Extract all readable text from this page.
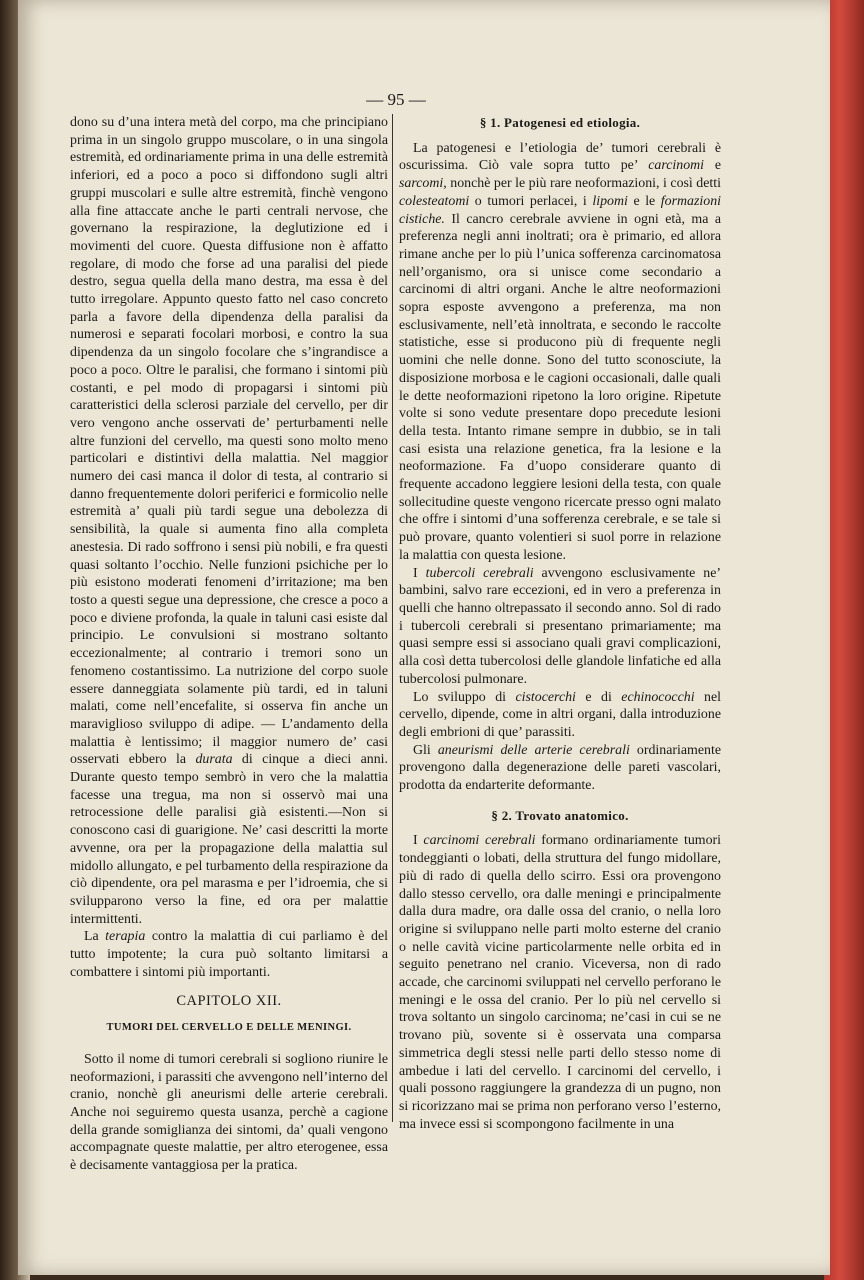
— 95 —

dono su d’una intera metà del corpo, ma che principiano prima in un singolo gruppo muscolare, o in una singola estremità, ed ordinariamente prima in una delle estremità inferiori, ed a poco a poco si diffondono sugli altri gruppi muscolari e sulle altre estremità, finchè vengono alla fine attaccate anche le parti centrali nervose, che governano la respirazione, la deglutizione ed i movimenti del cuore. Questa diffusione non è affatto regolare, di modo che forse ad una paralisi del piede destro, segua quella della mano destra, ma essa è del tutto irregolare. Appunto questo fatto nel caso concreto parla a favore della dipendenza della paralisi da numerosi e separati focolari morbosi, e contro la sua dipendenza da un singolo focolare che s’ingrandisce a poco a poco. Oltre le paralisi, che formano i sintomi più costanti, e pel modo di propagarsi i sintomi più caratteristici della sclerosi parziale del cervello, per dir vero vengono anche osservati de’ perturbamenti nelle altre funzioni del cervello, ma questi sono molto meno particolari e distintivi della malattia. Nel maggior numero dei casi manca il dolor di testa, al contrario si danno frequentemente dolori periferici e formicolio nelle estremità a’ quali più tardi segue una debolezza di sensibilità, la quale si aumenta fino alla completa anestesia. Di rado soffrono i sensi più nobili, e fra questi quasi soltanto l’occhio. Nelle funzioni psichiche per lo più esistono moderati fenomeni d’irritazione; ma ben tosto a questi segue una depressione, che cresce a poco a poco e diviene profonda, la quale in taluni casi esiste dal principio. Le convulsioni si mostrano soltanto eccezionalmente; al contrario i tremori sono un fenomeno costantissimo. La nutrizione del corpo suole essere danneggiata solamente più tardi, ed in taluni malati, come nell’encefalite, si osserva fin anche un maraviglioso sviluppo di adipe. — L’andamento della malattia è lentissimo; il maggior numero de’ casi osservati ebbero la durata di cinque a dieci anni. Durante questo tempo sembrò in vero che la malattia facesse una tregua, ma non si osservò mai una retrocessione delle paralisi già esistenti.—Non si conoscono casi di guarigione. Ne’ casi descritti la morte avvenne, ora per la propagazione della malattia sul midollo allungato, e pel turbamento della respirazione da ciò dipendente, ora pel marasma e per l’idroemia, che si svilupparono verso la fine, ed ora per malattie intermittenti.

La terapia contro la malattia di cui parliamo è del tutto impotente; la cura può soltanto limitarsi a combattere i sintomi più importanti.

CAPITOLO XII.
TUMORI DEL CERVELLO E DELLE MENINGI.

Sotto il nome di tumori cerebrali si sogliono riunire le neoformazioni, i parassiti che avvengono nell’interno del cranio, nonchè gli aneurismi delle arterie cerebrali. Anche noi seguiremo questa usanza, perchè a cagione della grande somiglianza dei sintomi, da’ quali vengono accompagnate queste malattie, per altro eterogenee, essa è decisamente vantaggiosa per la pratica.

§ 1. Patogenesi ed etiologia.

La patogenesi e l’etiologia de’ tumori cerebrali è oscurissima. Ciò vale sopra tutto pe’ carcinomi e sarcomi, nonchè per le più rare neoformazioni, i così detti colesteatomi o tumori perlacei, i lipomi e le formazioni cistiche. Il cancro cerebrale avviene in ogni età, ma a preferenza negli anni inoltrati; ora è primario, ed allora rimane anche per lo più l’unica sofferenza carcinomatosa nell’organismo, ora si unisce come secondario a carcinomi di altri organi. Anche le altre neoformazioni sopra esposte avvengono a preferenza, ma non esclusivamente, nell’età innoltrata, e secondo le raccolte statistiche, esse si producono più di frequente negli uomini che nelle donne. Sono del tutto sconosciute, la disposizione morbosa e le cagioni occasionali, dalle quali le dette neoformazioni ripetono la loro origine. Ripetute volte si sono vedute presentare dopo precedute lesioni della testa. Intanto rimane sempre in dubbio, se in tali casi esista una relazione genetica, fra la lesione e la neoformazione. Fa d’uopo considerare quanto di frequente accadono leggiere lesioni della testa, con quale sollecitudine queste vengono ricercate presso ogni malato che offre i sintomi d’una sofferenza cerebrale, e se tale si può provare, quanto volentieri si suol porre in relazione la malattia con questa lesione.

I tubercoli cerebrali avvengono esclusivamente ne’ bambini, salvo rare eccezioni, ed in vero a preferenza in quelli che hanno oltrepassato il secondo anno. Sol di rado i tubercoli cerebrali si presentano primariamente; ma quasi sempre essi si associano quali gravi complicazioni, alla così detta tubercolosi delle glandole linfatiche ed alla tubercolosi pulmonare.

Lo sviluppo di cistocerchi e di echinococchi nel cervello, dipende, come in altri organi, dalla introduzione degli embrioni di que’ parassiti.

Gli aneurismi delle arterie cerebrali ordinariamente provengono dalla degenerazione delle pareti vascolari, prodotta da endarterite deformante.

§ 2. Trovato anatomico.

I carcinomi cerebrali formano ordinariamente tumori tondeggianti o lobati, della struttura del fungo midollare, più di rado di quella dello scirro. Essi ora provengono dallo stesso cervello, ora dalle meningi e principalmente dalla dura madre, ora dalle ossa del cranio, o nella loro origine si sviluppano nelle parti molto esterne del cranio o nelle cavità vicine particolarmente nelle orbita ed in seguito penetrano nel cranio. Viceversa, non di rado accade, che carcinomi sviluppati nel cervello perforano le meningi e le ossa del cranio. Per lo più nel cervello si trova soltanto un singolo carcinoma; ne’casi in cui se ne trovano più, sovente si è osservata una comparsa simmetrica degli stessi nelle parti dello stesso nome di ambedue i lati del cervello. I carcinomi del cervello, i quali possono raggiungere la grandezza di un pugno, non si ricorizzano mai se prima non perforano verso l’esterno, ma invece essi si scompongono facilmente in una
